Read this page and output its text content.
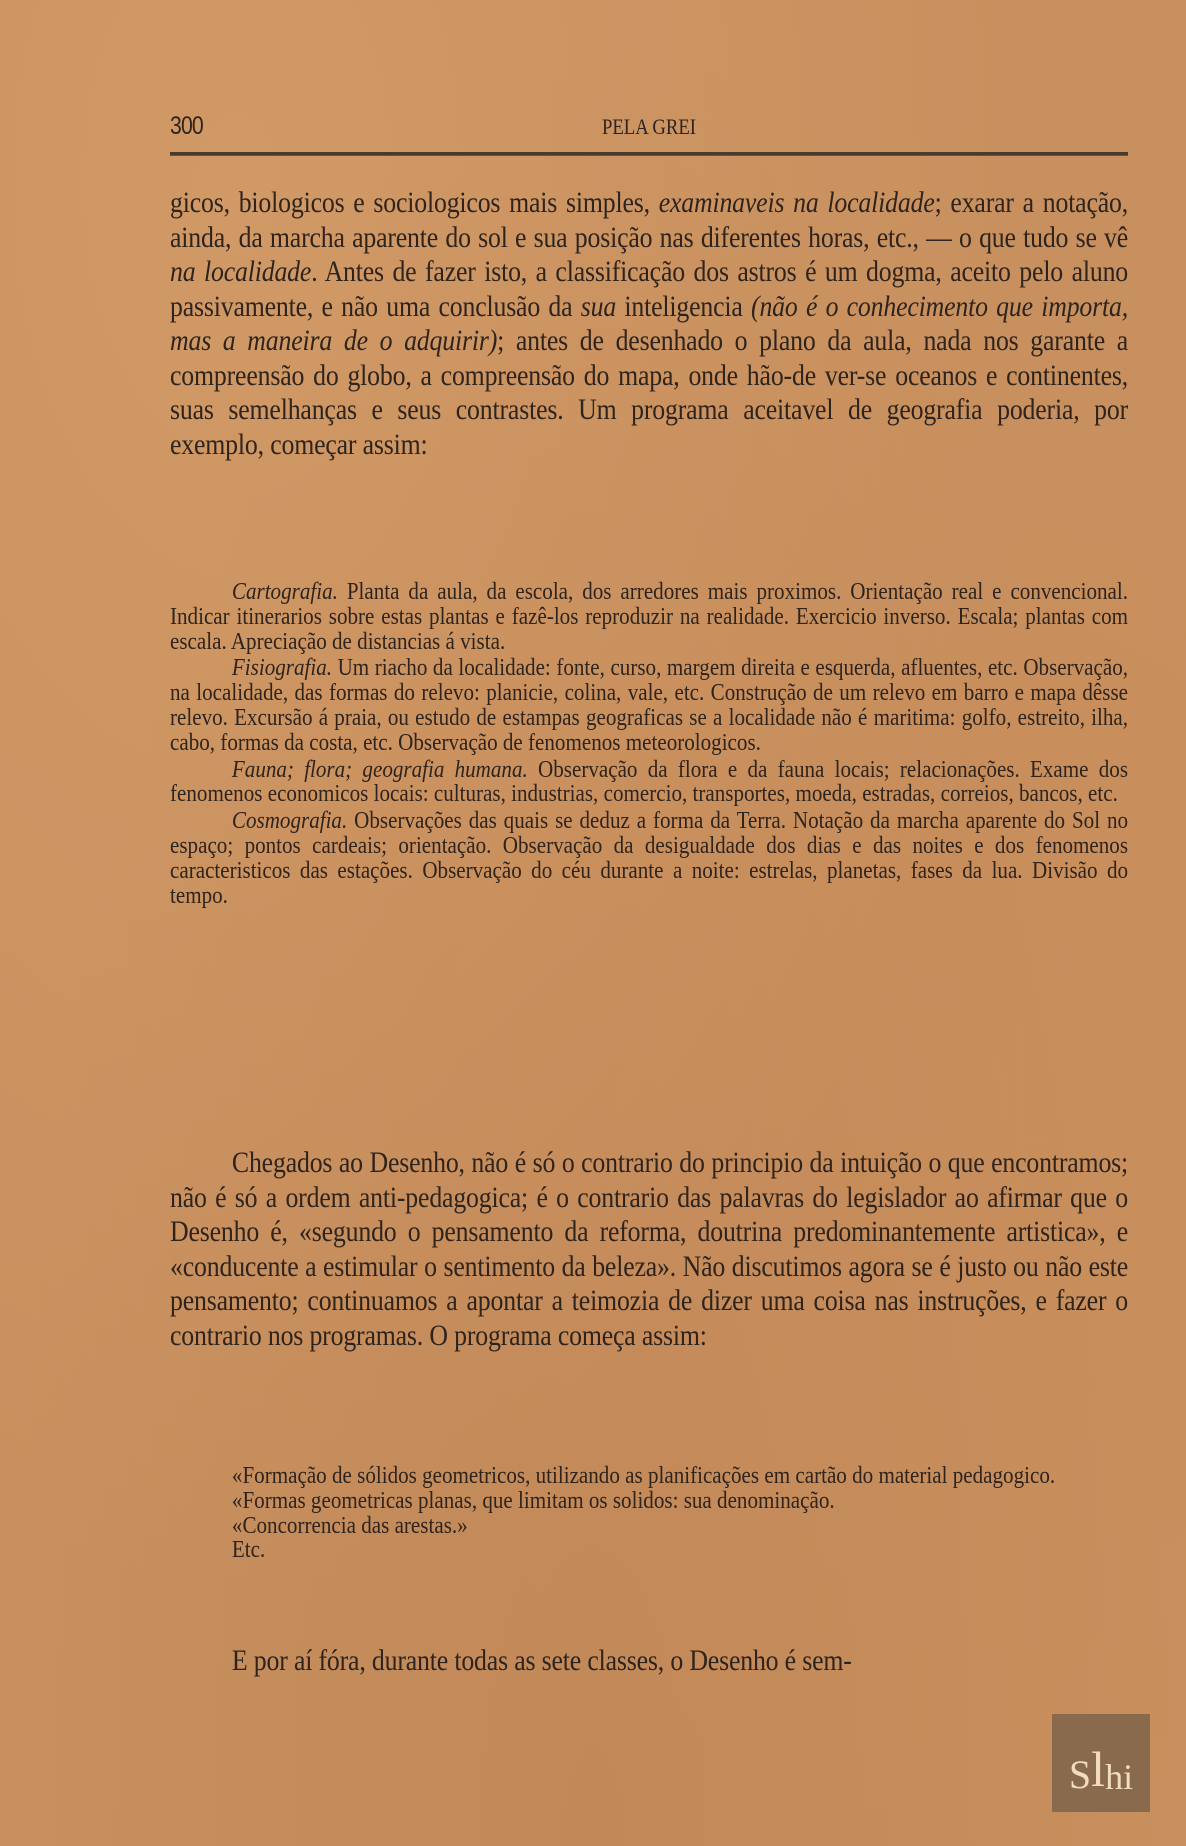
300	PELA GREI

gicos, biologicos e sociologicos mais simples, examinaveis na localidade; exarar a notação, ainda, da marcha aparente do sol e sua posição nas diferentes horas, etc., — o que tudo se vê na localidade. Antes de fazer isto, a classificação dos astros é um dogma, aceito pelo aluno passivamente, e não uma conclusão da sua inteligencia (não é o conhecimento que importa, mas a maneira de o adquirir); antes de desenhado o plano da aula, nada nos garante a compreensão do globo, a compreensão do mapa, onde hão-de ver-se oceanos e continentes, suas semelhanças e seus contrastes. Um programa aceitavel de geografia poderia, por exemplo, começar assim:

Cartografia. Planta da aula, da escola, dos arredores mais proximos. Orientação real e convencional. Indicar itinerarios sobre estas plantas e fazê-los reproduzir na realidade. Exercicio inverso. Escala; plantas com escala. Apreciação de distancias á vista.

Fisiografia. Um riacho da localidade: fonte, curso, margem direita e esquerda, afluentes, etc. Observação, na localidade, das formas do relevo: planicie, colina, vale, etc. Construção de um relevo em barro e mapa dêsse relevo. Excursão á praia, ou estudo de estampas geograficas se a localidade não é maritima: golfo, estreito, ilha, cabo, formas da costa, etc. Observação de fenomenos meteorologicos.

Fauna; flora; geografia humana. Observação da flora e da fauna locais; relacionações. Exame dos fenomenos economicos locais: culturas, industrias, comercio, transportes, moeda, estradas, correios, bancos, etc.

Cosmografia. Observações das quais se deduz a forma da Terra. Notação da marcha aparente do Sol no espaço; pontos cardeais; orientação. Observação da desigualdade dos dias e das noites e dos fenomenos caracteristicos das estações. Observação do céu durante a noite: estrelas, planetas, fases da lua. Divisão do tempo.

Chegados ao Desenho, não é só o contrario do principio da intuição o que encontramos; não é só a ordem anti-pedagogica; é o contrario das palavras do legislador ao afirmar que o Desenho é, «segundo o pensamento da reforma, doutrina predominantemente artistica», e «conducente a estimular o sentimento da beleza». Não discutimos agora se é justo ou não este pensamento; continuamos a apontar a teimozia de dizer uma coisa nas instruções, e fazer o contrario nos programas. O programa começa assim:

«Formação de sólidos geometricos, utilizando as planificações em cartão do material pedagogico.

«Formas geometricas planas, que limitam os solidos: sua denominação.

«Concorrencia das arestas.»

Etc.

E por aí fóra, durante todas as sete classes, o Desenho é sem-

S l hi
